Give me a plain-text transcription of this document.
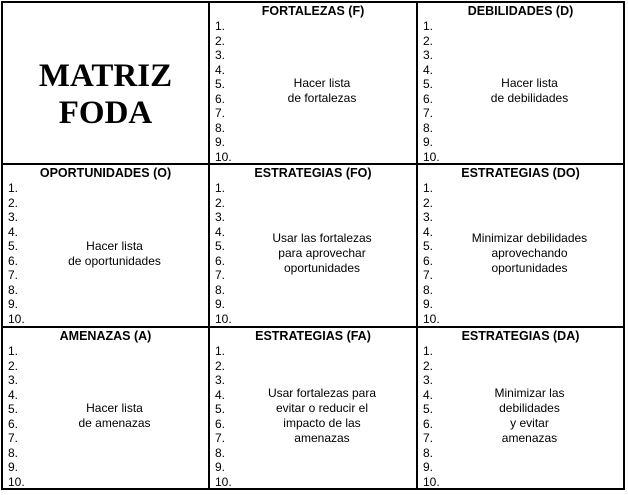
MATRIZ
FODA
FORTALEZAS (F)
1.
2.
3.
4.
5.
6.
7.
8.
9.
10.
Hacer lista
de fortalezas
DEBILIDADES (D)
1.
2.
3.
4.
5.
6.
7.
8.
9.
10.
Hacer lista
de debilidades
OPORTUNIDADES (O)
1.
2.
3.
4.
5.
6.
7.
8.
9.
10.
Hacer lista
de oportunidades
ESTRATEGIAS (FO)
1.
2.
3.
4.
5.
6.
7.
8.
9.
10.
Usar las fortalezas
para aprovechar
oportunidades
ESTRATEGIAS (DO)
1.
2.
3.
4.
5.
6.
7.
8.
9.
10.
Minimizar debilidades
aprovechando
oportunidades
AMENAZAS (A)
1.
2.
3.
4.
5.
6.
7.
8.
9.
10.
Hacer lista
de amenazas
ESTRATEGIAS (FA)
1.
2.
3.
4.
5.
6.
7.
8.
9.
10.
Usar fortalezas para
evitar o reducir el
impacto de las
amenazas
ESTRATEGIAS (DA)
1.
2.
3.
4.
5.
6.
7.
8.
9.
10.
Minimizar las
debilidades
y evitar
amenazas
